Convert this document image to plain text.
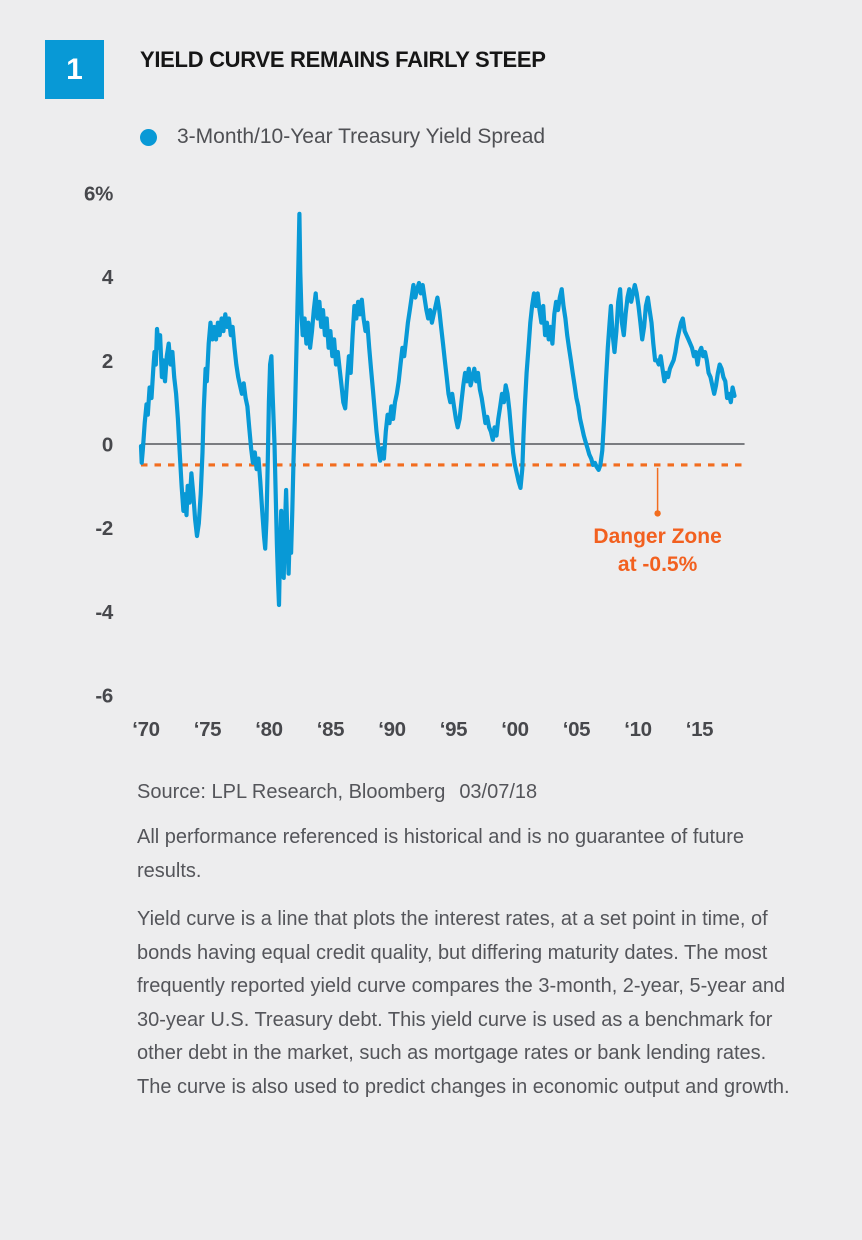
1	YIELD CURVE REMAINS FAIRLY STEEP
3-Month/10-Year Treasury Yield Spread
Danger Zone
at -0.5%
6%
4
2
0
-2
-4
-6
‘70 ‘75 ‘80 ‘85 ‘90 ‘95 ‘00 ‘05 ‘10 ‘15
Source: LPL Research, Bloomberg 03/07/18

All performance referenced is historical and is no guarantee of future results.

Yield curve is a line that plots the interest rates, at a set point in time, of bonds having equal credit quality, but differing maturity dates. The most frequently reported yield curve compares the 3-month, 2-year, 5-year and 30-year U.S. Treasury debt. This yield curve is used as a benchmark for other debt in the market, such as mortgage rates or bank lending rates. The curve is also used to predict changes in economic output and growth.
